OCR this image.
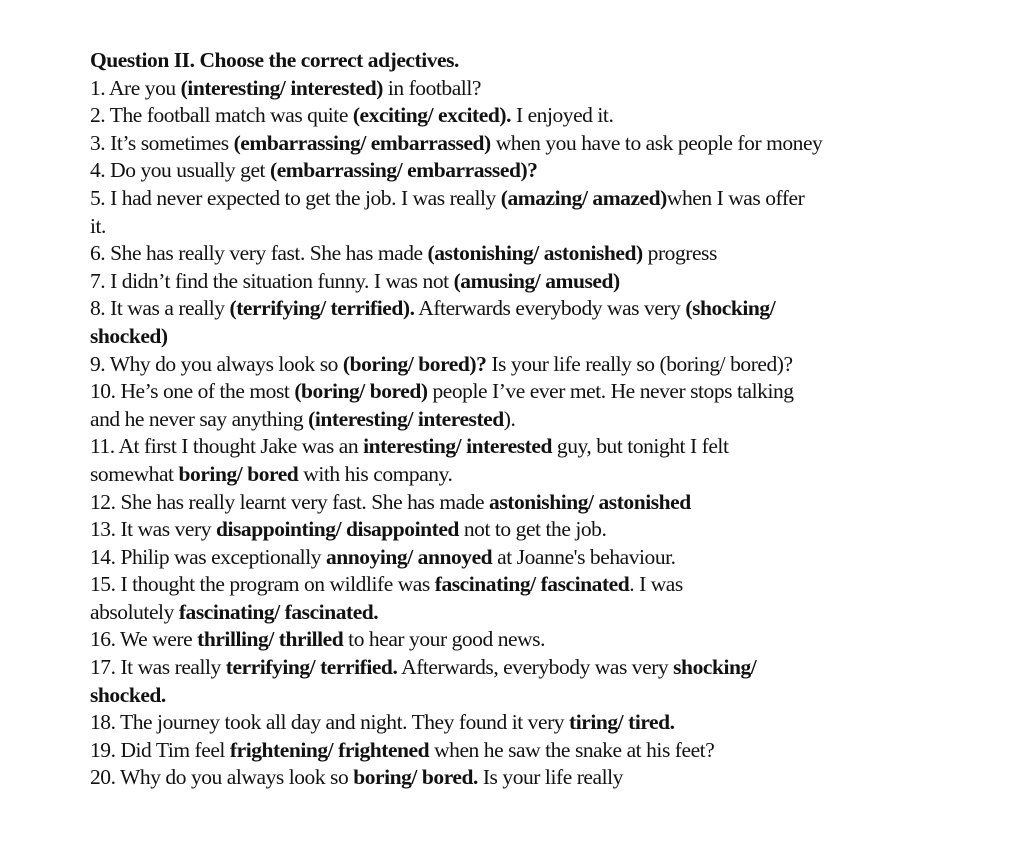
Question II. Choose the correct adjectives.
1. Are you (interesting/ interested) in football?
2. The football match was quite (exciting/ excited). I enjoyed it.
3. It’s sometimes (embarrassing/ embarrassed) when you have to ask people for money
4. Do you usually get (embarrassing/ embarrassed)?
5. I had never expected to get the job. I was really (amazing/ amazed)when I was offer
it.
6. She has really very fast. She has made (astonishing/ astonished) progress
7. I didn’t find the situation funny. I was not (amusing/ amused)
8. It was a really (terrifying/ terrified). Afterwards everybody was very (shocking/
shocked)
9. Why do you always look so (boring/ bored)? Is your life really so (boring/ bored)?
10. He’s one of the most (boring/ bored) people I’ve ever met. He never stops talking
and he never say anything (interesting/ interested).
11. At first I thought Jake was an interesting/ interested guy, but tonight I felt
somewhat boring/ bored with his company.
12. She has really learnt very fast. She has made astonishing/ astonished
13. It was very disappointing/ disappointed not to get the job.
14. Philip was exceptionally annoying/ annoyed at Joanne's behaviour.
15. I thought the program on wildlife was fascinating/ fascinated. I was
absolutely fascinating/ fascinated.
16. We were thrilling/ thrilled to hear your good news.
17. It was really terrifying/ terrified. Afterwards, everybody was very shocking/
shocked.
18. The journey took all day and night. They found it very tiring/ tired.
19. Did Tim feel frightening/ frightened when he saw the snake at his feet?
20. Why do you always look so boring/ bored. Is your life really
